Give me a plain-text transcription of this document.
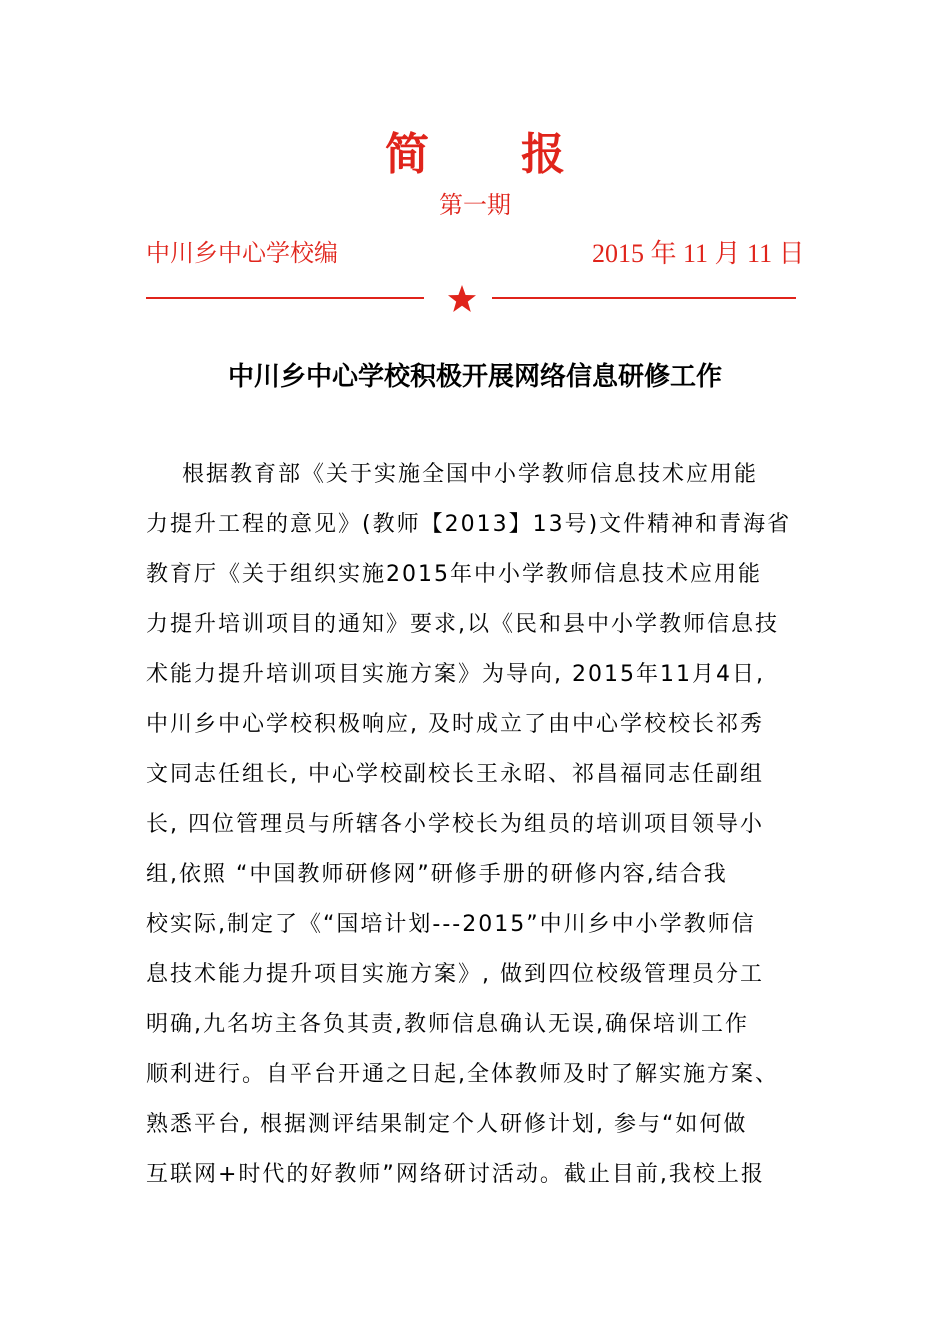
简      报
第一期
中川乡中心学校编	2015 年 11 月 11 日
中川乡中心学校积极开展网络信息研修工作
根据教育部《关于实施全国中小学教师信息技术应用能
力提升工程的意见》(教师【2013】13号)文件精神和青海省
教育厅《关于组织实施2015年中小学教师信息技术应用能
力提升培训项目的通知》要求,以《民和县中小学教师信息技
术能力提升培训项目实施方案》为导向, 2015年11月4日,
中川乡中心学校积极响应, 及时成立了由中心学校校长祁秀
文同志任组长, 中心学校副校长王永昭、祁昌福同志任副组
长, 四位管理员与所辖各小学校长为组员的培训项目领导小
组,依照 “中国教师研修网”研修手册的研修内容,结合我
校实际,制定了《“国培计划---2015”中川乡中小学教师信
息技术能力提升项目实施方案》, 做到四位校级管理员分工
明确,九名坊主各负其责,教师信息确认无误,确保培训工作
顺利进行。自平台开通之日起,全体教师及时了解实施方案、
熟悉平台, 根据测评结果制定个人研修计划, 参与“如何做
互联网+时代的好教师”网络研讨活动。截止目前,我校上报
